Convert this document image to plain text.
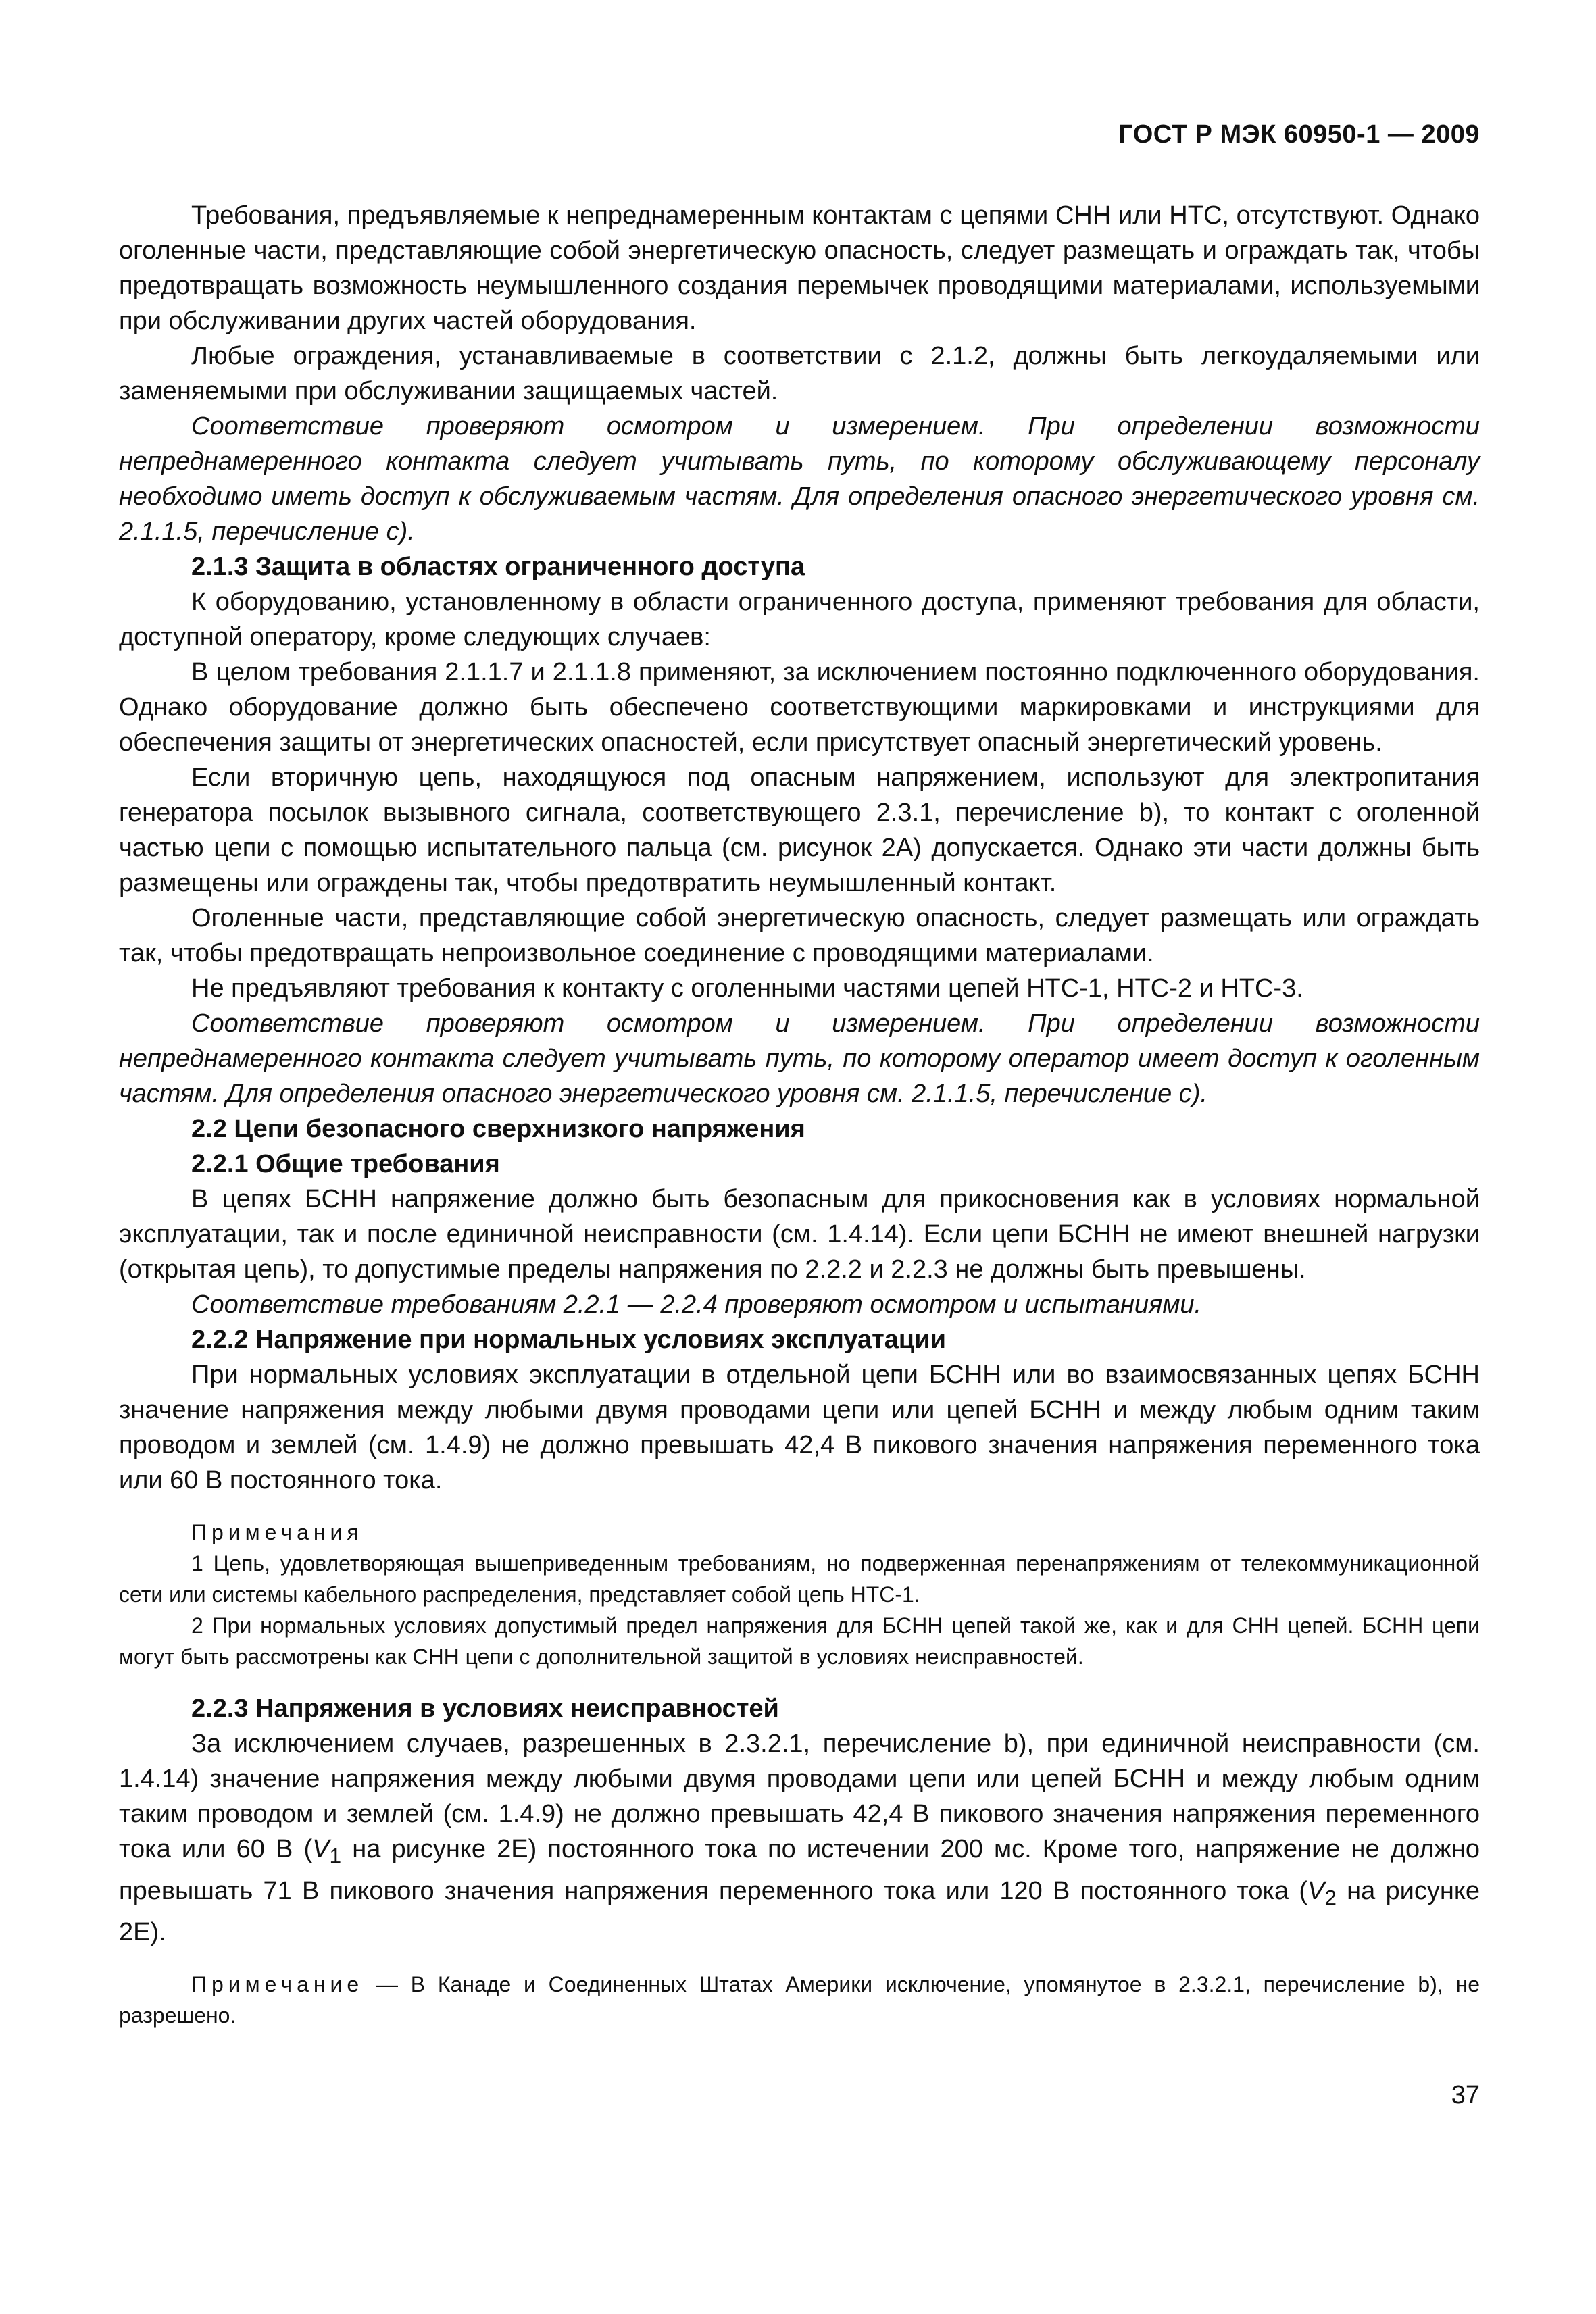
ГОСТ Р МЭК 60950-1 — 2009

Требования, предъявляемые к непреднамеренным контактам с цепями СНН или НТС, отсутствуют. Однако оголенные части, представляющие собой энергетическую опасность, следует размещать и ограждать так, чтобы предотвращать возможность неумышленного создания перемычек проводящими материалами, используемыми при обслуживании других частей оборудования.

Любые ограждения, устанавливаемые в соответствии с 2.1.2, должны быть легкоудаляемыми или заменяемыми при обслуживании защищаемых частей.

Соответствие проверяют осмотром и измерением. При определении возможности непреднамеренного контакта следует учитывать путь, по которому обслуживающему персоналу необходимо иметь доступ к обслуживаемым частям. Для определения опасного энергетического уровня см. 2.1.1.5, перечисление с).

2.1.3 Защита в областях ограниченного доступа

К оборудованию, установленному в области ограниченного доступа, применяют требования для области, доступной оператору, кроме следующих случаев:

В целом требования 2.1.1.7 и 2.1.1.8 применяют, за исключением постоянно подключенного оборудования. Однако оборудование должно быть обеспечено соответствующими маркировками и инструкциями для обеспечения защиты от энергетических опасностей, если присутствует опасный энергетический уровень.

Если вторичную цепь, находящуюся под опасным напряжением, используют для электропитания генератора посылок вызывного сигнала, соответствующего 2.3.1, перечисление b), то контакт с оголенной частью цепи с помощью испытательного пальца (см. рисунок 2А) допускается. Однако эти части должны быть размещены или ограждены так, чтобы предотвратить неумышленный контакт.

Оголенные части, представляющие собой энергетическую опасность, следует размещать или ограждать так, чтобы предотвращать непроизвольное соединение с проводящими материалами.

Не предъявляют требования к контакту с оголенными частями цепей НТС-1, НТС-2 и НТС-3.

Соответствие проверяют осмотром и измерением. При определении возможности непреднамеренного контакта следует учитывать путь, по которому оператор имеет доступ к оголенным частям. Для определения опасного энергетического уровня см. 2.1.1.5, перечисление с).

2.2 Цепи безопасного сверхнизкого напряжения

2.2.1 Общие требования

В цепях БСНН напряжение должно быть безопасным для прикосновения как в условиях нормальной эксплуатации, так и после единичной неисправности (см. 1.4.14). Если цепи БСНН не имеют внешней нагрузки (открытая цепь), то допустимые пределы напряжения по 2.2.2 и 2.2.3 не должны быть превышены.

Соответствие требованиям 2.2.1 — 2.2.4 проверяют осмотром и испытаниями.

2.2.2 Напряжение при нормальных условиях эксплуатации

При нормальных условиях эксплуатации в отдельной цепи БСНН или во взаимосвязанных цепях БСНН значение напряжения между любыми двумя проводами цепи или цепей БСНН и между любым одним таким проводом и землей (см. 1.4.9) не должно превышать 42,4 В пикового значения напряжения переменного тока или 60 В постоянного тока.

Примечания

1 Цепь, удовлетворяющая вышеприведенным требованиям, но подверженная перенапряжениям от телекоммуникационной сети или системы кабельного распределения, представляет собой цепь НТС-1.

2 При нормальных условиях допустимый предел напряжения для БСНН цепей такой же, как и для СНН цепей. БСНН цепи могут быть рассмотрены как СНН цепи с дополнительной защитой в условиях неисправностей.

2.2.3 Напряжения в условиях неисправностей

За исключением случаев, разрешенных в 2.3.2.1, перечисление b), при единичной неисправности (см. 1.4.14) значение напряжения между любыми двумя проводами цепи или цепей БСНН и между любым одним таким проводом и землей (см. 1.4.9) не должно превышать 42,4 В пикового значения напряжения переменного тока или 60 В ($V_1$ на рисунке 2Е) постоянного тока по истечении 200 мс. Кроме того, напряжение не должно превышать 71 В пикового значения напряжения переменного тока или 120 В постоянного тока ($V_2$ на рисунке 2Е).

Примечание — В Канаде и Соединенных Штатах Америки исключение, упомянутое в 2.3.2.1, перечисление b), не разрешено.

37
